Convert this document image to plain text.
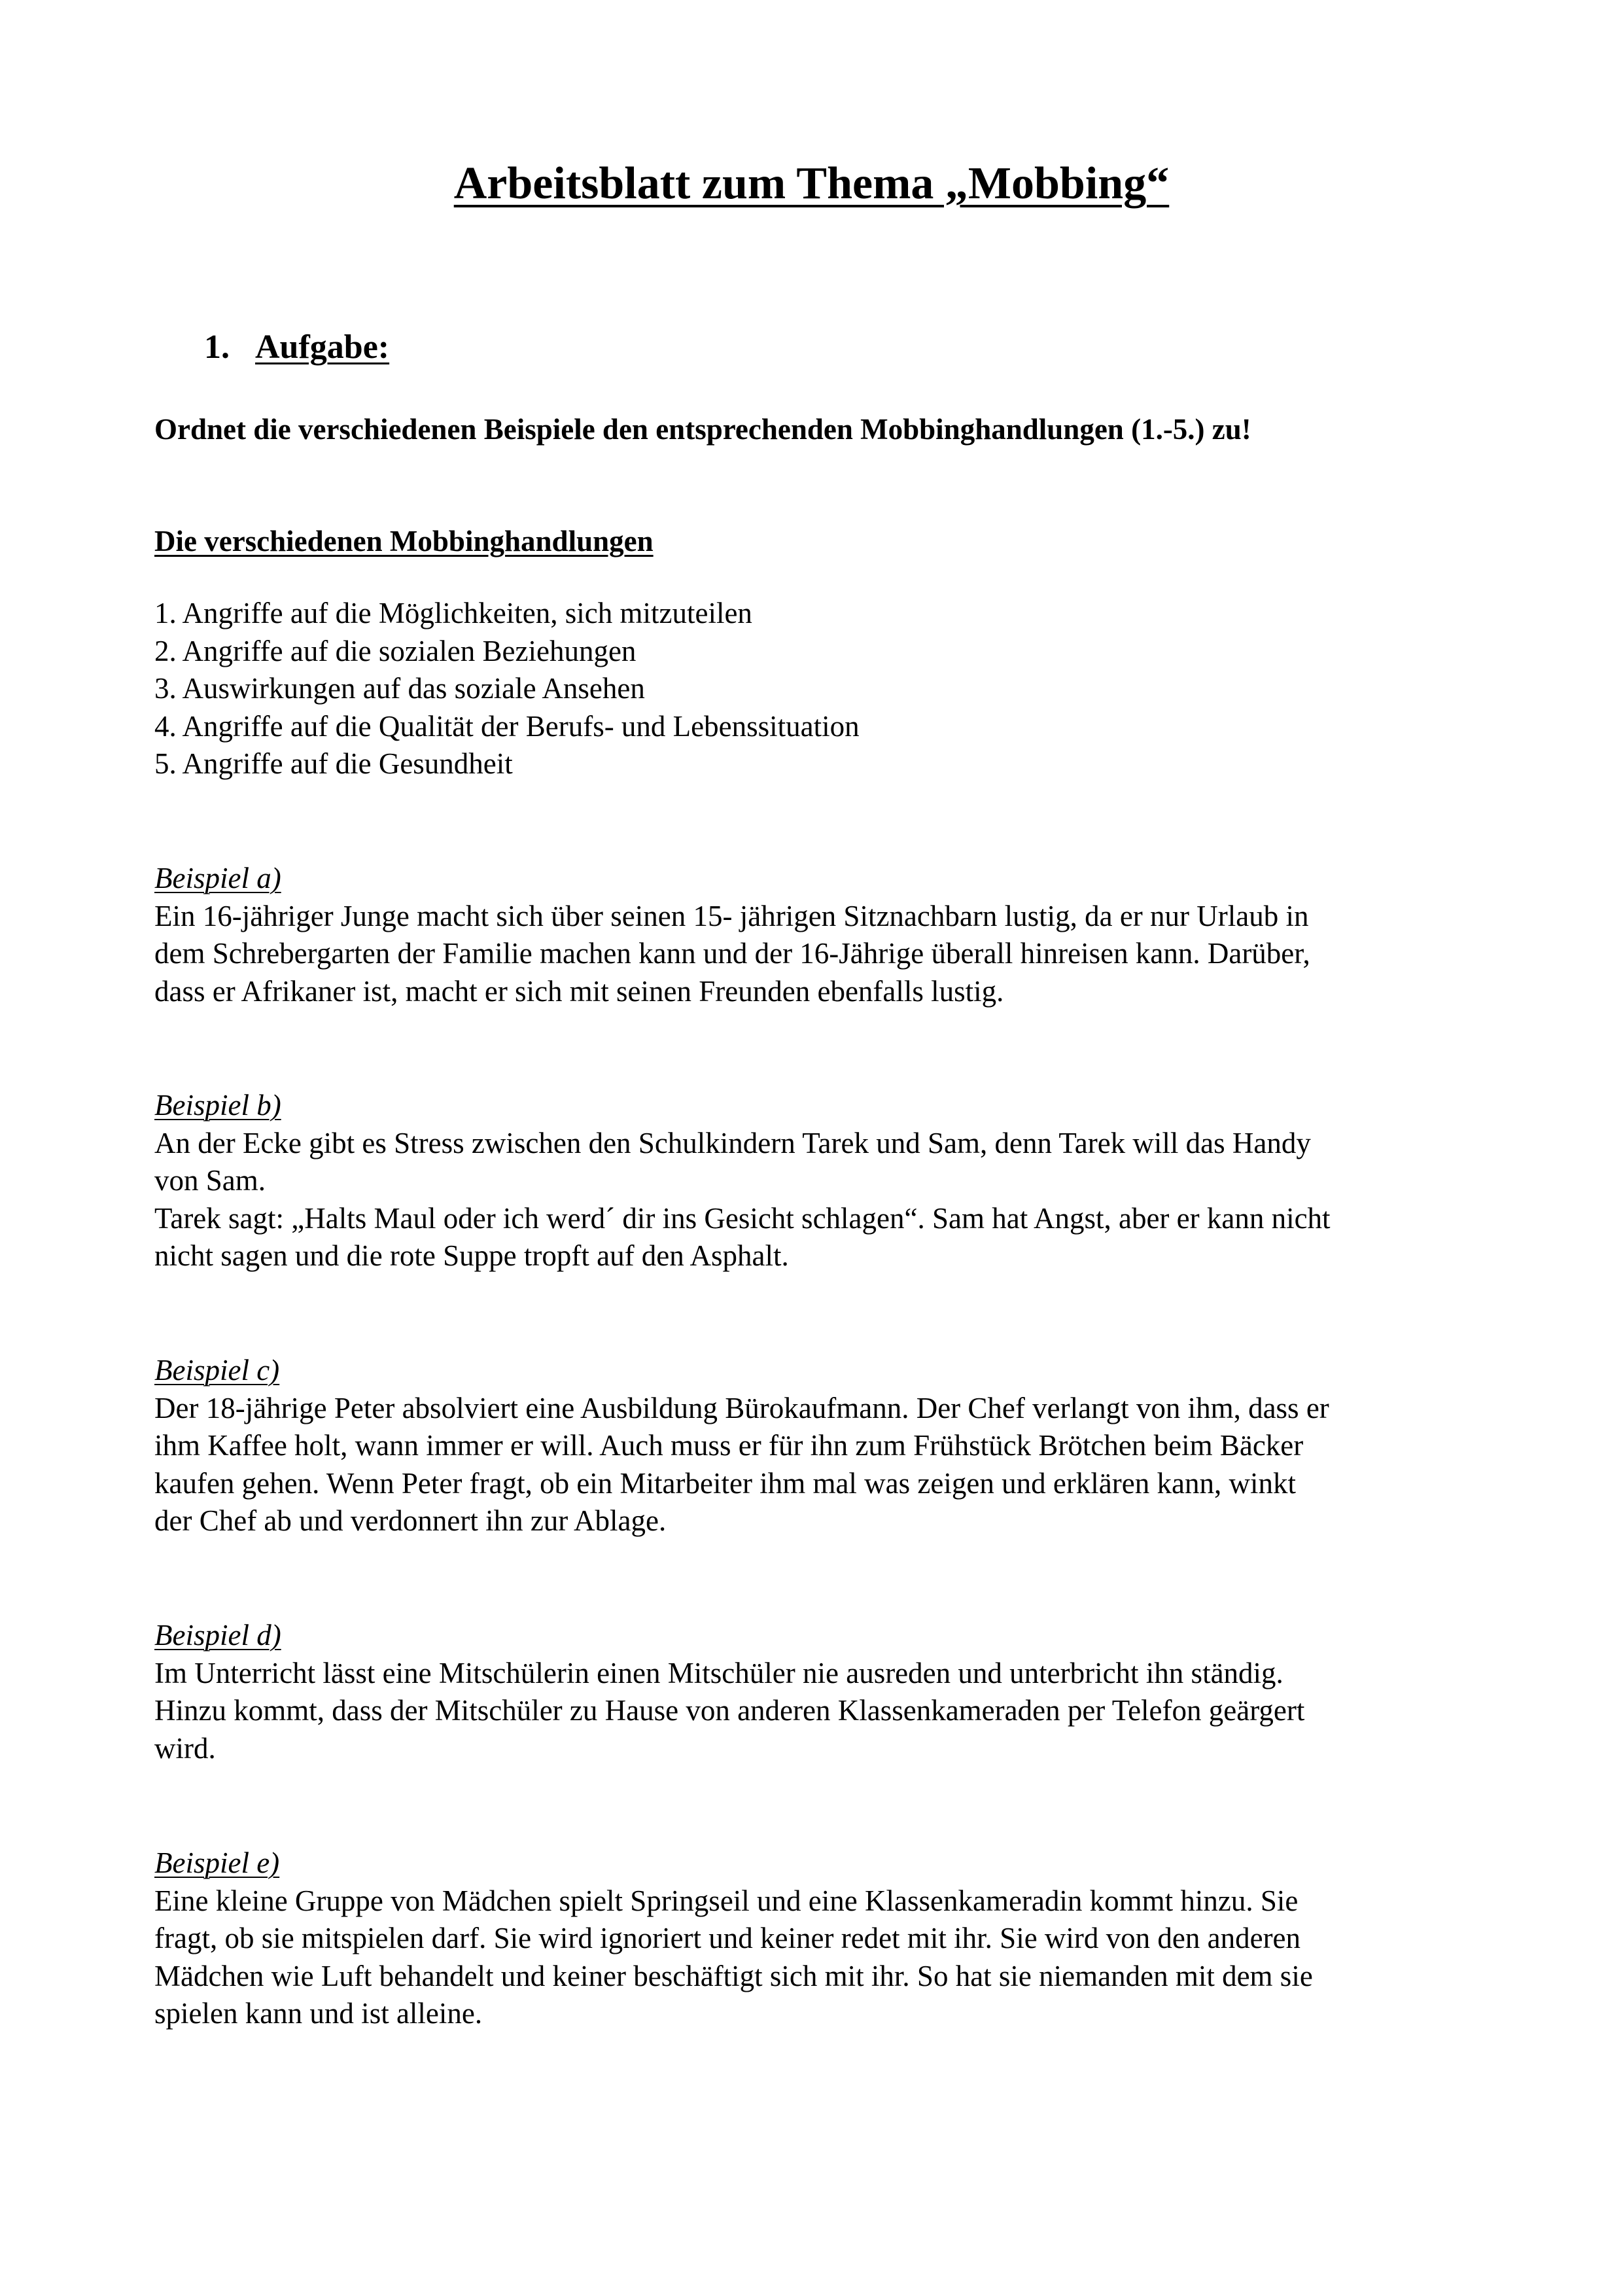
Arbeitsblatt zum Thema „Mobbing“
1. Aufgabe:

Ordnet die verschiedenen Beispiele den entsprechenden Mobbinghandlungen (1.-5.) zu!

Die verschiedenen Mobbinghandlungen
1. Angriffe auf die Möglichkeiten, sich mitzuteilen
2. Angriffe auf die sozialen Beziehungen
3. Auswirkungen auf das soziale Ansehen
4. Angriffe auf die Qualität der Berufs- und Lebenssituation
5. Angriffe auf die Gesundheit
Beispiel a)
Ein 16-jähriger Junge macht sich über seinen 15- jährigen Sitznachbarn lustig, da er nur Urlaub in
dem Schrebergarten der Familie machen kann und der 16-Jährige überall hinreisen kann. Darüber,
dass er Afrikaner ist, macht er sich mit seinen Freunden ebenfalls lustig.
Beispiel b)
An der Ecke gibt es Stress zwischen den Schulkindern Tarek und Sam, denn Tarek will das Handy
von Sam.
Tarek sagt: „Halts Maul oder ich werd´ dir ins Gesicht schlagen“. Sam hat Angst, aber er kann nicht
nicht sagen und die rote Suppe tropft auf den Asphalt.
Beispiel c)
Der 18-jährige Peter absolviert eine Ausbildung Bürokaufmann. Der Chef verlangt von ihm, dass er
ihm Kaffee holt, wann immer er will. Auch muss er für ihn zum Frühstück Brötchen beim Bäcker
kaufen gehen. Wenn Peter fragt, ob ein Mitarbeiter ihm mal was zeigen und erklären kann, winkt
der Chef ab und verdonnert ihn zur Ablage.
Beispiel d)
Im Unterricht lässt eine Mitschülerin einen Mitschüler nie ausreden und unterbricht ihn ständig.
Hinzu kommt, dass der Mitschüler zu Hause von anderen Klassenkameraden per Telefon geärgert
wird.
Beispiel e)
Eine kleine Gruppe von Mädchen spielt Springseil und eine Klassenkameradin kommt hinzu. Sie
fragt, ob sie mitspielen darf. Sie wird ignoriert und keiner redet mit ihr. Sie wird von den anderen
Mädchen wie Luft behandelt und keiner beschäftigt sich mit ihr. So hat sie niemanden mit dem sie
spielen kann und ist alleine.
